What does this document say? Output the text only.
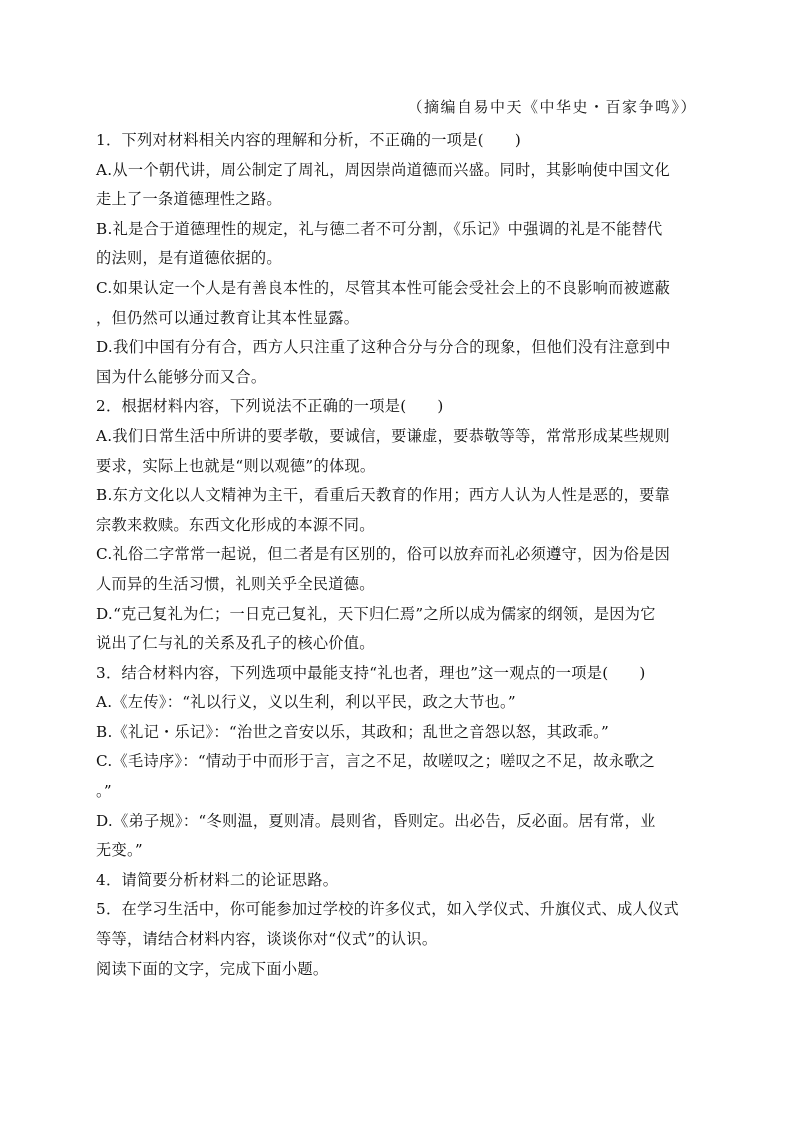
（摘编自易中天《中华史・百家争鸣》）
1．下列对材料相关内容的理解和分析，不正确的一项是(　　)
A.从一个朝代讲，周公制定了周礼，周因崇尚道德而兴盛。同时，其影响使中国文化
走上了一条道德理性之路。
B.礼是合于道德理性的规定，礼与德二者不可分割，《乐记》中强调的礼是不能替代
的法则，是有道德依据的。
C.如果认定一个人是有善良本性的，尽管其本性可能会受社会上的不良影响而被遮蔽
，但仍然可以通过教育让其本性显露。
D.我们中国有分有合，西方人只注重了这种合分与分合的现象，但他们没有注意到中
国为什么能够分而又合。
2．根据材料内容，下列说法不正确的一项是(　　)
A.我们日常生活中所讲的要孝敬，要诚信，要谦虚，要恭敬等等，常常形成某些规则
要求，实际上也就是“则以观德”的体现。
B.东方文化以人文精神为主干，看重后天教育的作用；西方人认为人性是恶的，要靠
宗教来救赎。东西文化形成的本源不同。
C.礼俗二字常常一起说，但二者是有区别的，俗可以放弃而礼必须遵守，因为俗是因
人而异的生活习惯，礼则关乎全民道德。
D.“克己复礼为仁；一日克己复礼，天下归仁焉”之所以成为儒家的纲领，是因为它
说出了仁与礼的关系及孔子的核心价值。
3．结合材料内容，下列选项中最能支持“礼也者，理也”这一观点的一项是(　　)
A.《左传》：“礼以行义，义以生利，利以平民，政之大节也。”
B.《礼记・乐记》：“治世之音安以乐，其政和；乱世之音怨以怒，其政乖。”
C.《毛诗序》：“情动于中而形于言，言之不足，故嗟叹之；嗟叹之不足，故永歌之
。”
D.《弟子规》：“冬则温，夏则凊。晨则省，昏则定。出必告，反必面。居有常，业
无变。”
4．请简要分析材料二的论证思路。
5．在学习生活中，你可能参加过学校的许多仪式，如入学仪式、升旗仪式、成人仪式
等等，请结合材料内容，谈谈你对“仪式”的认识。
阅读下面的文字，完成下面小题。
